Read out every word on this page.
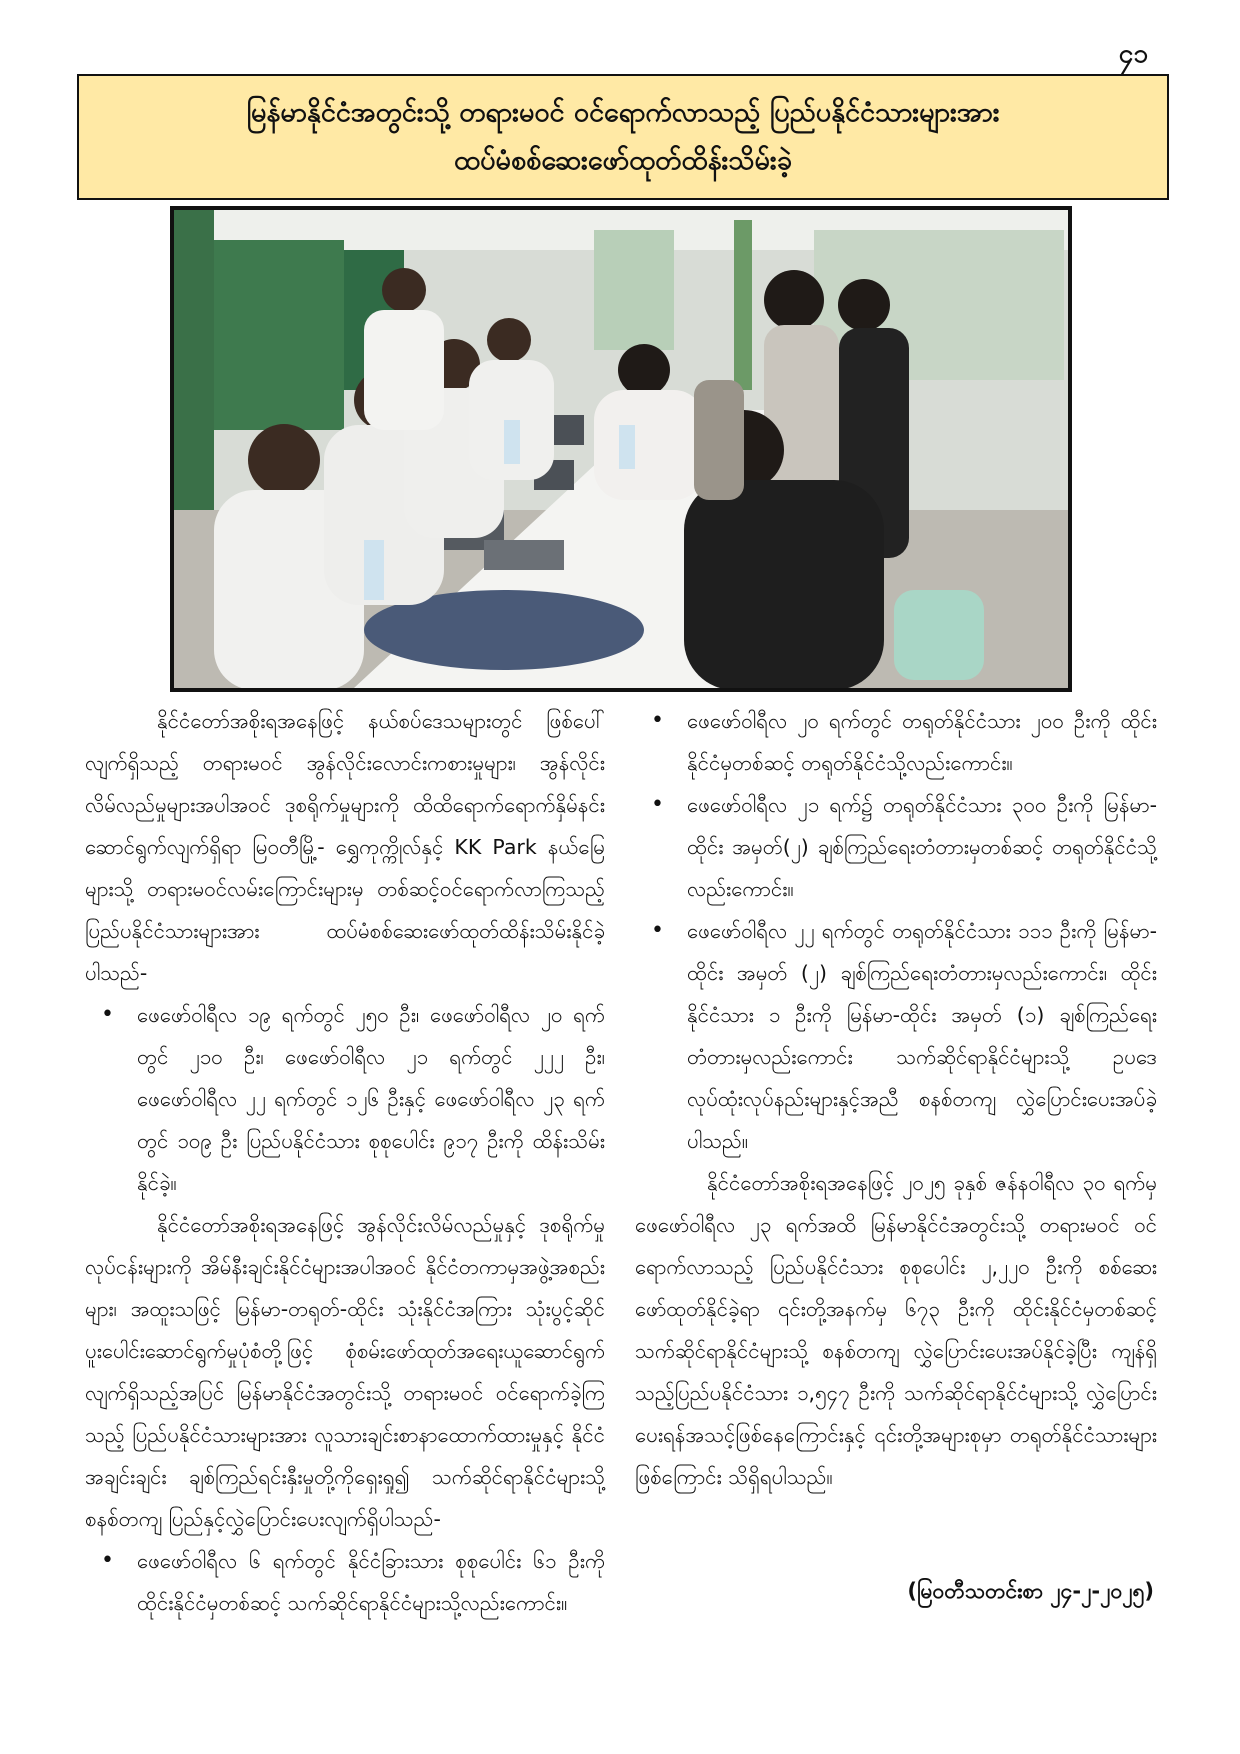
၄၁
မြန်မာနိုင်ငံအတွင်းသို့ တရားမဝင် ဝင်ရောက်လာသည့် ပြည်ပနိုင်ငံသားများအား
ထပ်မံစစ်ဆေးဖော်ထုတ်ထိန်းသိမ်းခဲ့

နိုင်ငံတော်အစိုးရအနေဖြင့် နယ်စပ်ဒေသများတွင် ဖြစ်ပေါ်လျက်ရှိသည့် တရားမဝင် အွန်လိုင်းလောင်းကစားမှုများ၊ အွန်လိုင်းလိမ်လည်မှုများအပါအဝင် ဒုစရိုက်မှုများကို ထိထိရောက်ရောက်နှိမ်နင်းဆောင်ရွက်လျက်ရှိရာ မြဝတီမြို့- ရွှေကုက္ကိုလ်နှင့် KK Park နယ်မြေများသို့ တရားမဝင်လမ်းကြောင်းများမှ တစ်ဆင့်ဝင်ရောက်လာကြသည့် ပြည်ပနိုင်ငံသားများအား ထပ်မံစစ်ဆေးဖော်ထုတ်ထိန်းသိမ်းနိုင်ခဲ့ပါသည်-

• ဖေဖော်ဝါရီလ ၁၉ ရက်တွင် ၂၅၀ ဦး၊ ဖေဖော်ဝါရီလ ၂၀ ရက်တွင် ၂၁၀ ဦး၊ ဖေဖော်ဝါရီလ ၂၁ ရက်တွင် ၂၂၂ ဦး၊ ဖေဖော်ဝါရီလ ၂၂ ရက်တွင် ၁၂၆ ဦးနှင့် ဖေဖော်ဝါရီလ ၂၃ ရက်တွင် ၁၀၉ ဦး ပြည်ပနိုင်ငံသား စုစုပေါင်း ၉၁၇ ဦးကို ထိန်းသိမ်းနိုင်ခဲ့။

နိုင်ငံတော်အစိုးရအနေဖြင့် အွန်လိုင်းလိမ်လည်မှုနှင့် ဒုစရိုက်မှုလုပ်ငန်းများကို အိမ်နီးချင်းနိုင်ငံများအပါအဝင် နိုင်ငံတကာမှအဖွဲ့အစည်းများ၊ အထူးသဖြင့် မြန်မာ-တရုတ်-ထိုင်း သုံးနိုင်ငံအကြား သုံးပွင့်ဆိုင်ပူးပေါင်းဆောင်ရွက်မှုပုံစံတို့ဖြင့် စုံစမ်းဖော်ထုတ်အရေးယူဆောင်ရွက်လျက်ရှိသည့်အပြင် မြန်မာနိုင်ငံအတွင်းသို့ တရားမဝင် ဝင်ရောက်ခဲ့ကြသည့် ပြည်ပနိုင်ငံသားများအား လူသားချင်းစာနာထောက်ထားမှုနှင့် နိုင်ငံအချင်းချင်း ချစ်ကြည်ရင်းနှီးမှုတို့ကိုရှေးရှု၍ သက်ဆိုင်ရာနိုင်ငံများသို့ စနစ်တကျ ပြည်နှင့်လွှဲပြောင်းပေးလျက်ရှိပါသည်-

• ဖေဖော်ဝါရီလ ၆ ရက်တွင် နိုင်ငံခြားသား စုစုပေါင်း ၆၁ ဦးကို ထိုင်းနိုင်ငံမှတစ်ဆင့် သက်ဆိုင်ရာနိုင်ငံများသို့လည်းကောင်း။
• ဖေဖော်ဝါရီလ ၂၀ ရက်တွင် တရုတ်နိုင်ငံသား ၂၀၀ ဦးကို ထိုင်းနိုင်ငံမှတစ်ဆင့် တရုတ်နိုင်ငံသို့လည်းကောင်း။
• ဖေဖော်ဝါရီလ ၂၁ ရက်၌ တရုတ်နိုင်ငံသား ၃၀၀ ဦးကို မြန်မာ-ထိုင်း အမှတ်(၂) ချစ်ကြည်ရေးတံတားမှတစ်ဆင့် တရုတ်နိုင်ငံသို့လည်းကောင်း။
• ဖေဖော်ဝါရီလ ၂၂ ရက်တွင် တရုတ်နိုင်ငံသား ၁၁၁ ဦးကို မြန်မာ-ထိုင်း အမှတ် (၂) ချစ်ကြည်ရေးတံတားမှလည်းကောင်း၊ ထိုင်းနိုင်ငံသား ၁ ဦးကို မြန်မာ-ထိုင်း အမှတ် (၁) ချစ်ကြည်ရေးတံတားမှလည်းကောင်း သက်ဆိုင်ရာနိုင်ငံများသို့ ဥပဒေလုပ်ထုံးလုပ်နည်းများနှင့်အညီ စနစ်တကျ လွှဲပြောင်းပေးအပ်ခဲ့ပါသည်။

နိုင်ငံတော်အစိုးရအနေဖြင့် ၂၀၂၅ ခုနှစ် ဇန်နဝါရီလ ၃၀ ရက်မှ ဖေဖော်ဝါရီလ ၂၃ ရက်အထိ မြန်မာနိုင်ငံအတွင်းသို့ တရားမဝင် ဝင်ရောက်လာသည့် ပြည်ပနိုင်ငံသား စုစုပေါင်း ၂,၂၂၀ ဦးကို စစ်ဆေးဖော်ထုတ်နိုင်ခဲ့ရာ ၎င်းတို့အနက်မှ ၆၇၃ ဦးကို ထိုင်းနိုင်ငံမှတစ်ဆင့် သက်ဆိုင်ရာနိုင်ငံများသို့ စနစ်တကျ လွှဲပြောင်းပေးအပ်နိုင်ခဲ့ပြီး ကျန်ရှိသည့်ပြည်ပနိုင်ငံသား ၁,၅၄၇ ဦးကို သက်ဆိုင်ရာနိုင်ငံများသို့ လွှဲပြောင်းပေးရန်အသင့်ဖြစ်နေကြောင်းနှင့် ၎င်းတို့အများစုမှာ တရုတ်နိုင်ငံသားများဖြစ်ကြောင်း သိရှိရပါသည်။

(မြဝတီသတင်းစာ ၂၄-၂-၂၀၂၅)
